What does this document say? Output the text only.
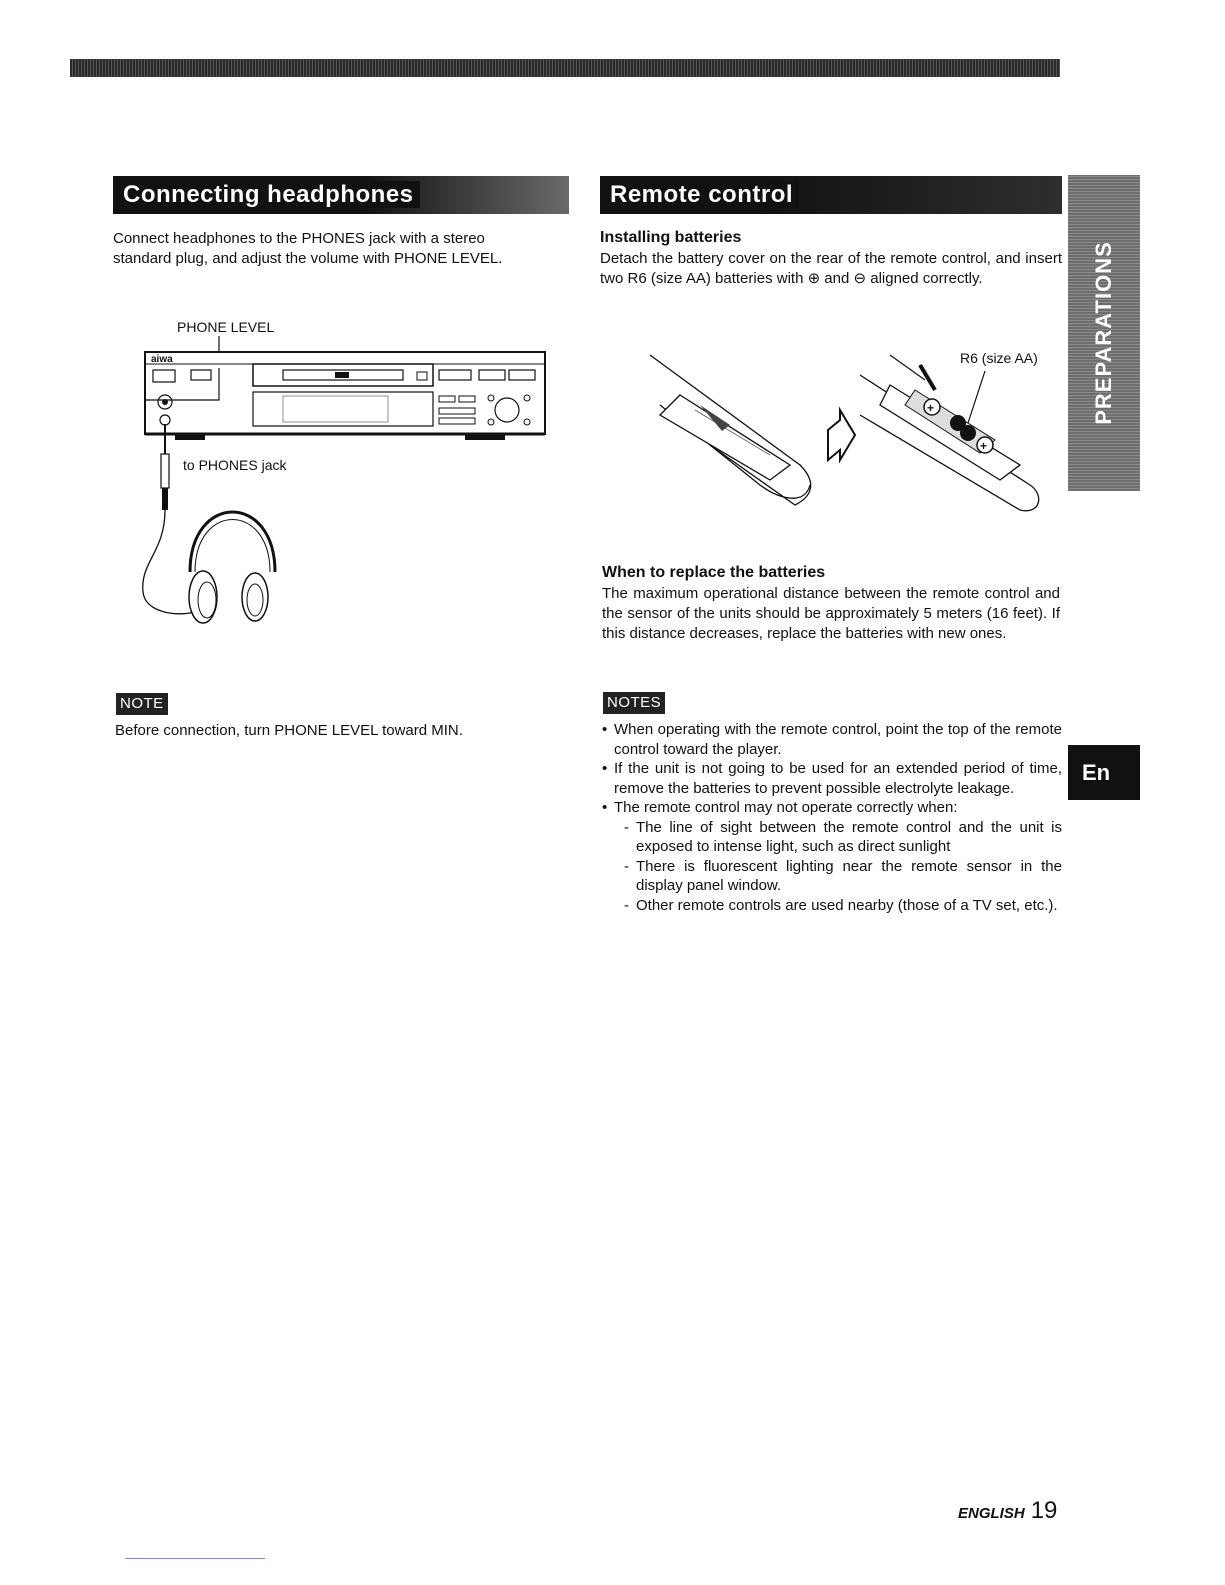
Connecting headphones
Connect headphones to the PHONES jack with a stereo standard plug, and adjust the volume with PHONE LEVEL.
PHONE LEVEL
aiwa
to PHONES jack
NOTE
Before connection, turn PHONE LEVEL toward MIN.
Remote control
Installing batteries
Detach the battery cover on the rear of the remote control, and insert two R6 (size AA) batteries with ⊕ and ⊖ aligned correctly.
+
+
R6 (size AA)
When to replace the batteries
The maximum operational distance between the remote control and the sensor of the units should be approximately 5 meters (16 feet). If this distance decreases, replace the batteries with new ones.
NOTES
• When operating with the remote control, point the top of the remote control toward the player.
• If the unit is not going to be used for an extended period of time, remove the batteries to prevent possible electrolyte leakage.
• The remote control may not operate correctly when:
- The line of sight between the remote control and the unit is exposed to intense light, such as direct sunlight
- There is fluorescent lighting near the remote sensor in the display panel window.
- Other remote controls are used nearby (those of a TV set, etc.).
PREPARATIONS
En
ENGLISH 19
